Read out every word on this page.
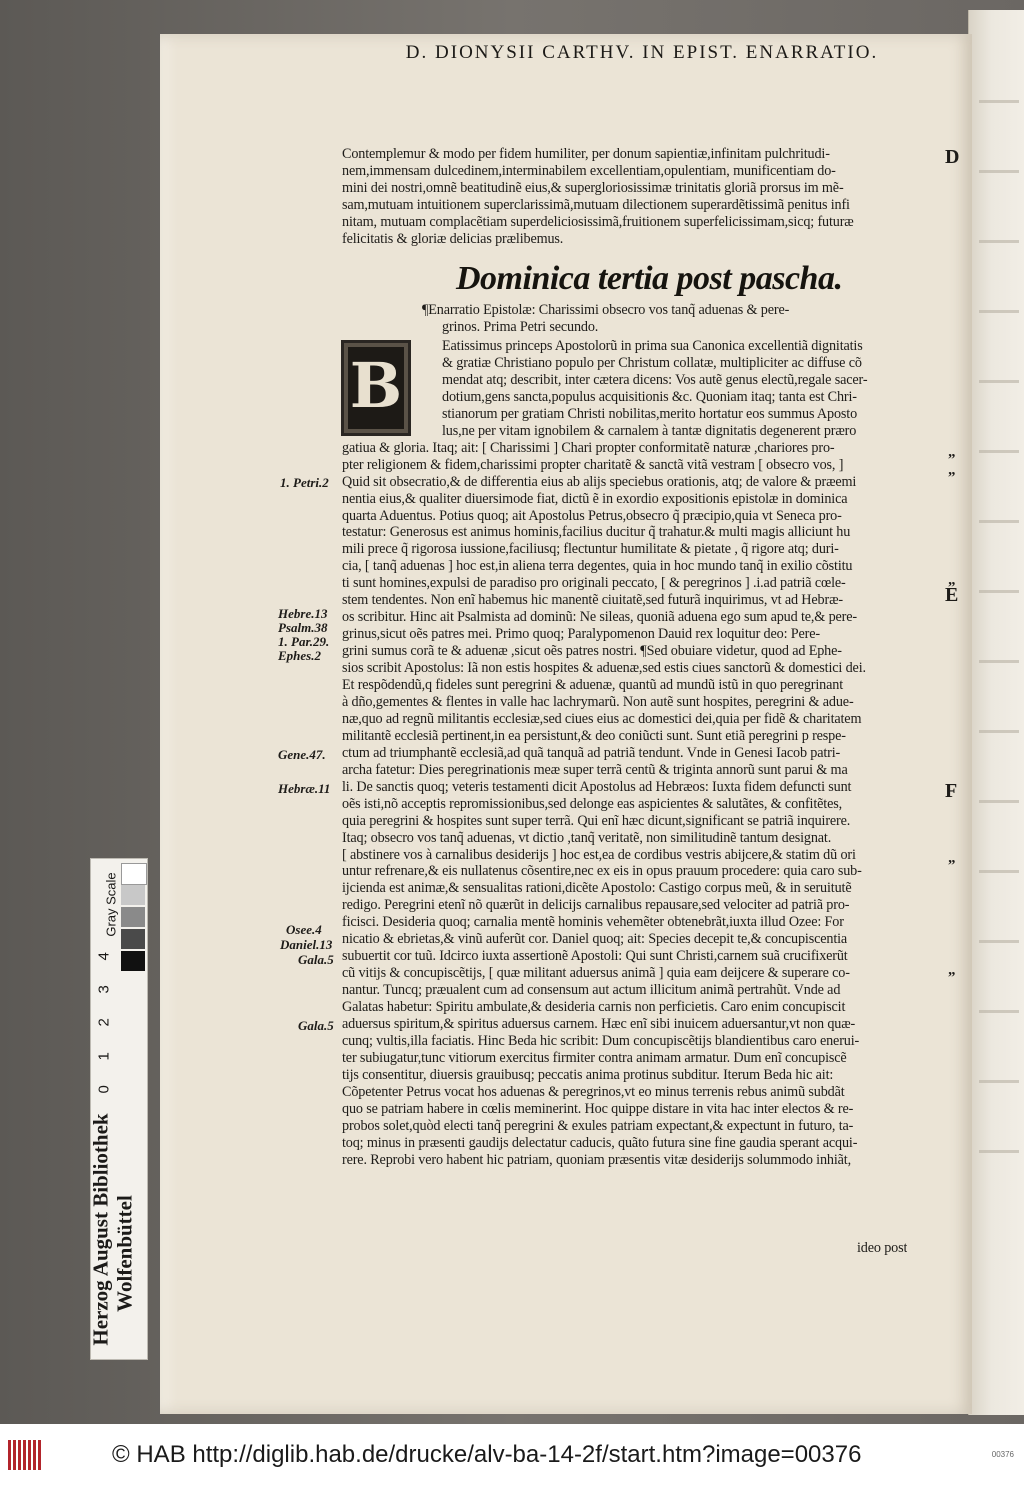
D. DIONYSII CARTHV. IN EPIST. ENARRATIO.
Contemplemur & modo per fidem humiliter, per donum sapientiæ,infinitam pulchritudi-
nem,immensam dulcedinem,interminabilem excellentiam,opulentiam, munificentiam do-
mini dei nostri,omnẽ beatitudinẽ eius,& supergloriosissimæ trinitatis gloriã prorsus im mẽ-
sam,mutuam intuitionem superclarissimã,mutuam dilectionem superardẽtissimã penitus infi
nitam, mutuam complacẽtiam superdeliciosissimã,fruitionem superfelicissimam,sicq; futuræ
felicitatis & gloriæ delicias prælibemus.
Dominica tertia post pascha.
¶Enarratio Epistolæ: Charissimi obsecro vos tanq̃ aduenas & pere-
grinos. Prima Petri secundo.
B
Eatissimus princeps Apostolorũ in prima sua Canonica excellentiã dignitatis
& gratiæ Christiano populo per Christum collatæ, multipliciter ac diffuse cõ
mendat atq; describit, inter cætera dicens: Vos autẽ genus electũ,regale sacer-
dotium,gens sancta,populus acquisitionis &c. Quoniam itaq; tanta est Chri-
stianorum per gratiam Christi nobilitas,merito hortatur eos summus Aposto
lus,ne per vitam ignobilem & carnalem à tantæ dignitatis degenerent præro
gatiua & gloria. Itaq; ait: [ Charissimi ] Chari propter conformitatẽ naturæ ,chariores pro-
pter religionem & fidem,charissimi propter charitatẽ & sanctã vitã vestram [ obsecro vos, ]
Quid sit obsecratio,& de differentia eius ab alijs speciebus orationis, atq; de valore & præemi
nentia eius,& qualiter diuersimode fiat, dictũ ẽ in exordio expositionis epistolæ in dominica
quarta Aduentus. Potius quoq; ait Apostolus Petrus,obsecro q̃ præcipio,quia vt Seneca pro-
testatur: Generosus est animus hominis,facilius ducitur q̃ trahatur.& multi magis alliciunt hu
mili prece q̃ rigorosa iussione,faciliusq; flectuntur humilitate & pietate , q̃ rigore atq; duri-
cia, [ tanq̃ aduenas ] hoc est,in aliena terra degentes, quia in hoc mundo tanq̃ in exilio cõstitu
ti sunt homines,expulsi de paradiso pro originali peccato, [ & peregrinos ] .i.ad patriã cœle-
stem tendentes. Non enĩ habemus hic manentẽ ciuitatẽ,sed futurã inquirimus, vt ad Hebræ-
os scribitur. Hinc ait Psalmista ad dominũ: Ne sileas, quoniã aduena ego sum apud te,& pere-
grinus,sicut oẽs patres mei. Primo quoq; Paralypomenon Dauid rex loquitur deo: Pere-
grini sumus corã te & aduenæ ,sicut oẽs patres nostri. ¶Sed obuiare videtur, quod ad Ephe-
sios scribit Apostolus: Iã non estis hospites & aduenæ,sed estis ciues sanctorũ & domestici dei.
Et respõdendũ,q fideles sunt peregrini & aduenæ, quantũ ad mundũ istũ in quo peregrinant
à dño,gementes & flentes in valle hac lachrymarũ. Non autẽ sunt hospites, peregrini & adue-
næ,quo ad regnũ militantis ecclesiæ,sed ciues eius ac domestici dei,quia per fidẽ & charitatem
militantẽ ecclesiã pertinent,in ea persistunt,& deo coniũcti sunt. Sunt etiã peregrini p respe-
ctum ad triumphantẽ ecclesiã,ad quã tanquã ad patriã tendunt. Vnde in Genesi Iacob patri-
archa fatetur: Dies peregrinationis meæ super terrã centũ & triginta annorũ sunt parui & ma
li. De sanctis quoq; veteris testamenti dicit Apostolus ad Hebræos: Iuxta fidem defuncti sunt
oẽs isti,nõ acceptis repromissionibus,sed delonge eas aspicientes & salutãtes, & confitẽtes,
quia peregrini & hospites sunt super terrã. Qui enĩ hæc dicunt,significant se patriã inquirere.
Itaq; obsecro vos tanq̃ aduenas, vt dictio ,tanq̃ veritatẽ, non similitudinẽ tantum designat.
[ abstinere vos à carnalibus desiderijs ] hoc est,ea de cordibus vestris abijcere,& statim dũ ori
untur refrenare,& eis nullatenus cõsentire,nec ex eis in opus prauum procedere: quia caro sub-
ijcienda est animæ,& sensualitas rationi,dicẽte Apostolo: Castigo corpus meũ, & in seruitutẽ
redigo. Peregrini etenĩ nõ quærũt in delicijs carnalibus repausare,sed velociter ad patriã pro-
ficisci. Desideria quoq; carnalia mentẽ hominis vehemẽter obtenebrãt,iuxta illud Ozee: For
nicatio & ebrietas,& vinũ auferũt cor. Daniel quoq; ait: Species decepit te,& concupiscentia
subuertit cor tuũ. Idcirco iuxta assertionẽ Apostoli: Qui sunt Christi,carnem suã crucifixerũt
cũ vitijs & concupiscẽtijs, [ quæ militant aduersus animã ] quia eam deijcere & superare co-
nantur. Tuncq; præualent cum ad consensum aut actum illicitum animã pertrahũt. Vnde ad
Galatas habetur: Spiritu ambulate,& desideria carnis non perficietis. Caro enim concupiscit
aduersus spiritum,& spiritus aduersus carnem. Hæc enĩ sibi inuicem aduersantur,vt non quæ-
cunq; vultis,illa faciatis. Hinc Beda hic scribit: Dum concupiscẽtijs blandientibus caro enerui-
ter subiugatur,tunc vitiorum exercitus firmiter contra animam armatur. Dum enĩ concupiscẽ
tijs consentitur, diuersis grauibusq; peccatis anima protinus subditur. Iterum Beda hic ait:
Cõpetenter Petrus vocat hos aduenas & peregrinos,vt eo minus terrenis rebus animũ subdãt
quo se patriam habere in cœlis meminerint. Hoc quippe distare in vita hac inter electos & re-
probos solet,quòd electi tanq̃ peregrini & exules patriam expectant,& expectunt in futuro, ta-
toq; minus in præsenti gaudijs delectatur caducis, quãto futura sine fine gaudia sperant acqui-
rere. Reprobi vero habent hic patriam, quoniam præsentis vitæ desiderijs solummodo inhiãt,
ideo post
1. Petri.2
Hebre.13
Psalm.38
1. Par.29.
Ephes.2
Gene.47.
Hebræ.11
Osee.4
Daniel.13
Gala.5
Gala.5
D
E
F
„
„
„
„
„
Gray Scale
4
3
2
1
0
Herzog August Bibliothek Wolfenbüttel
© HAB http://diglib.hab.de/drucke/alv-ba-14-2f/start.htm?image=00376	00376
